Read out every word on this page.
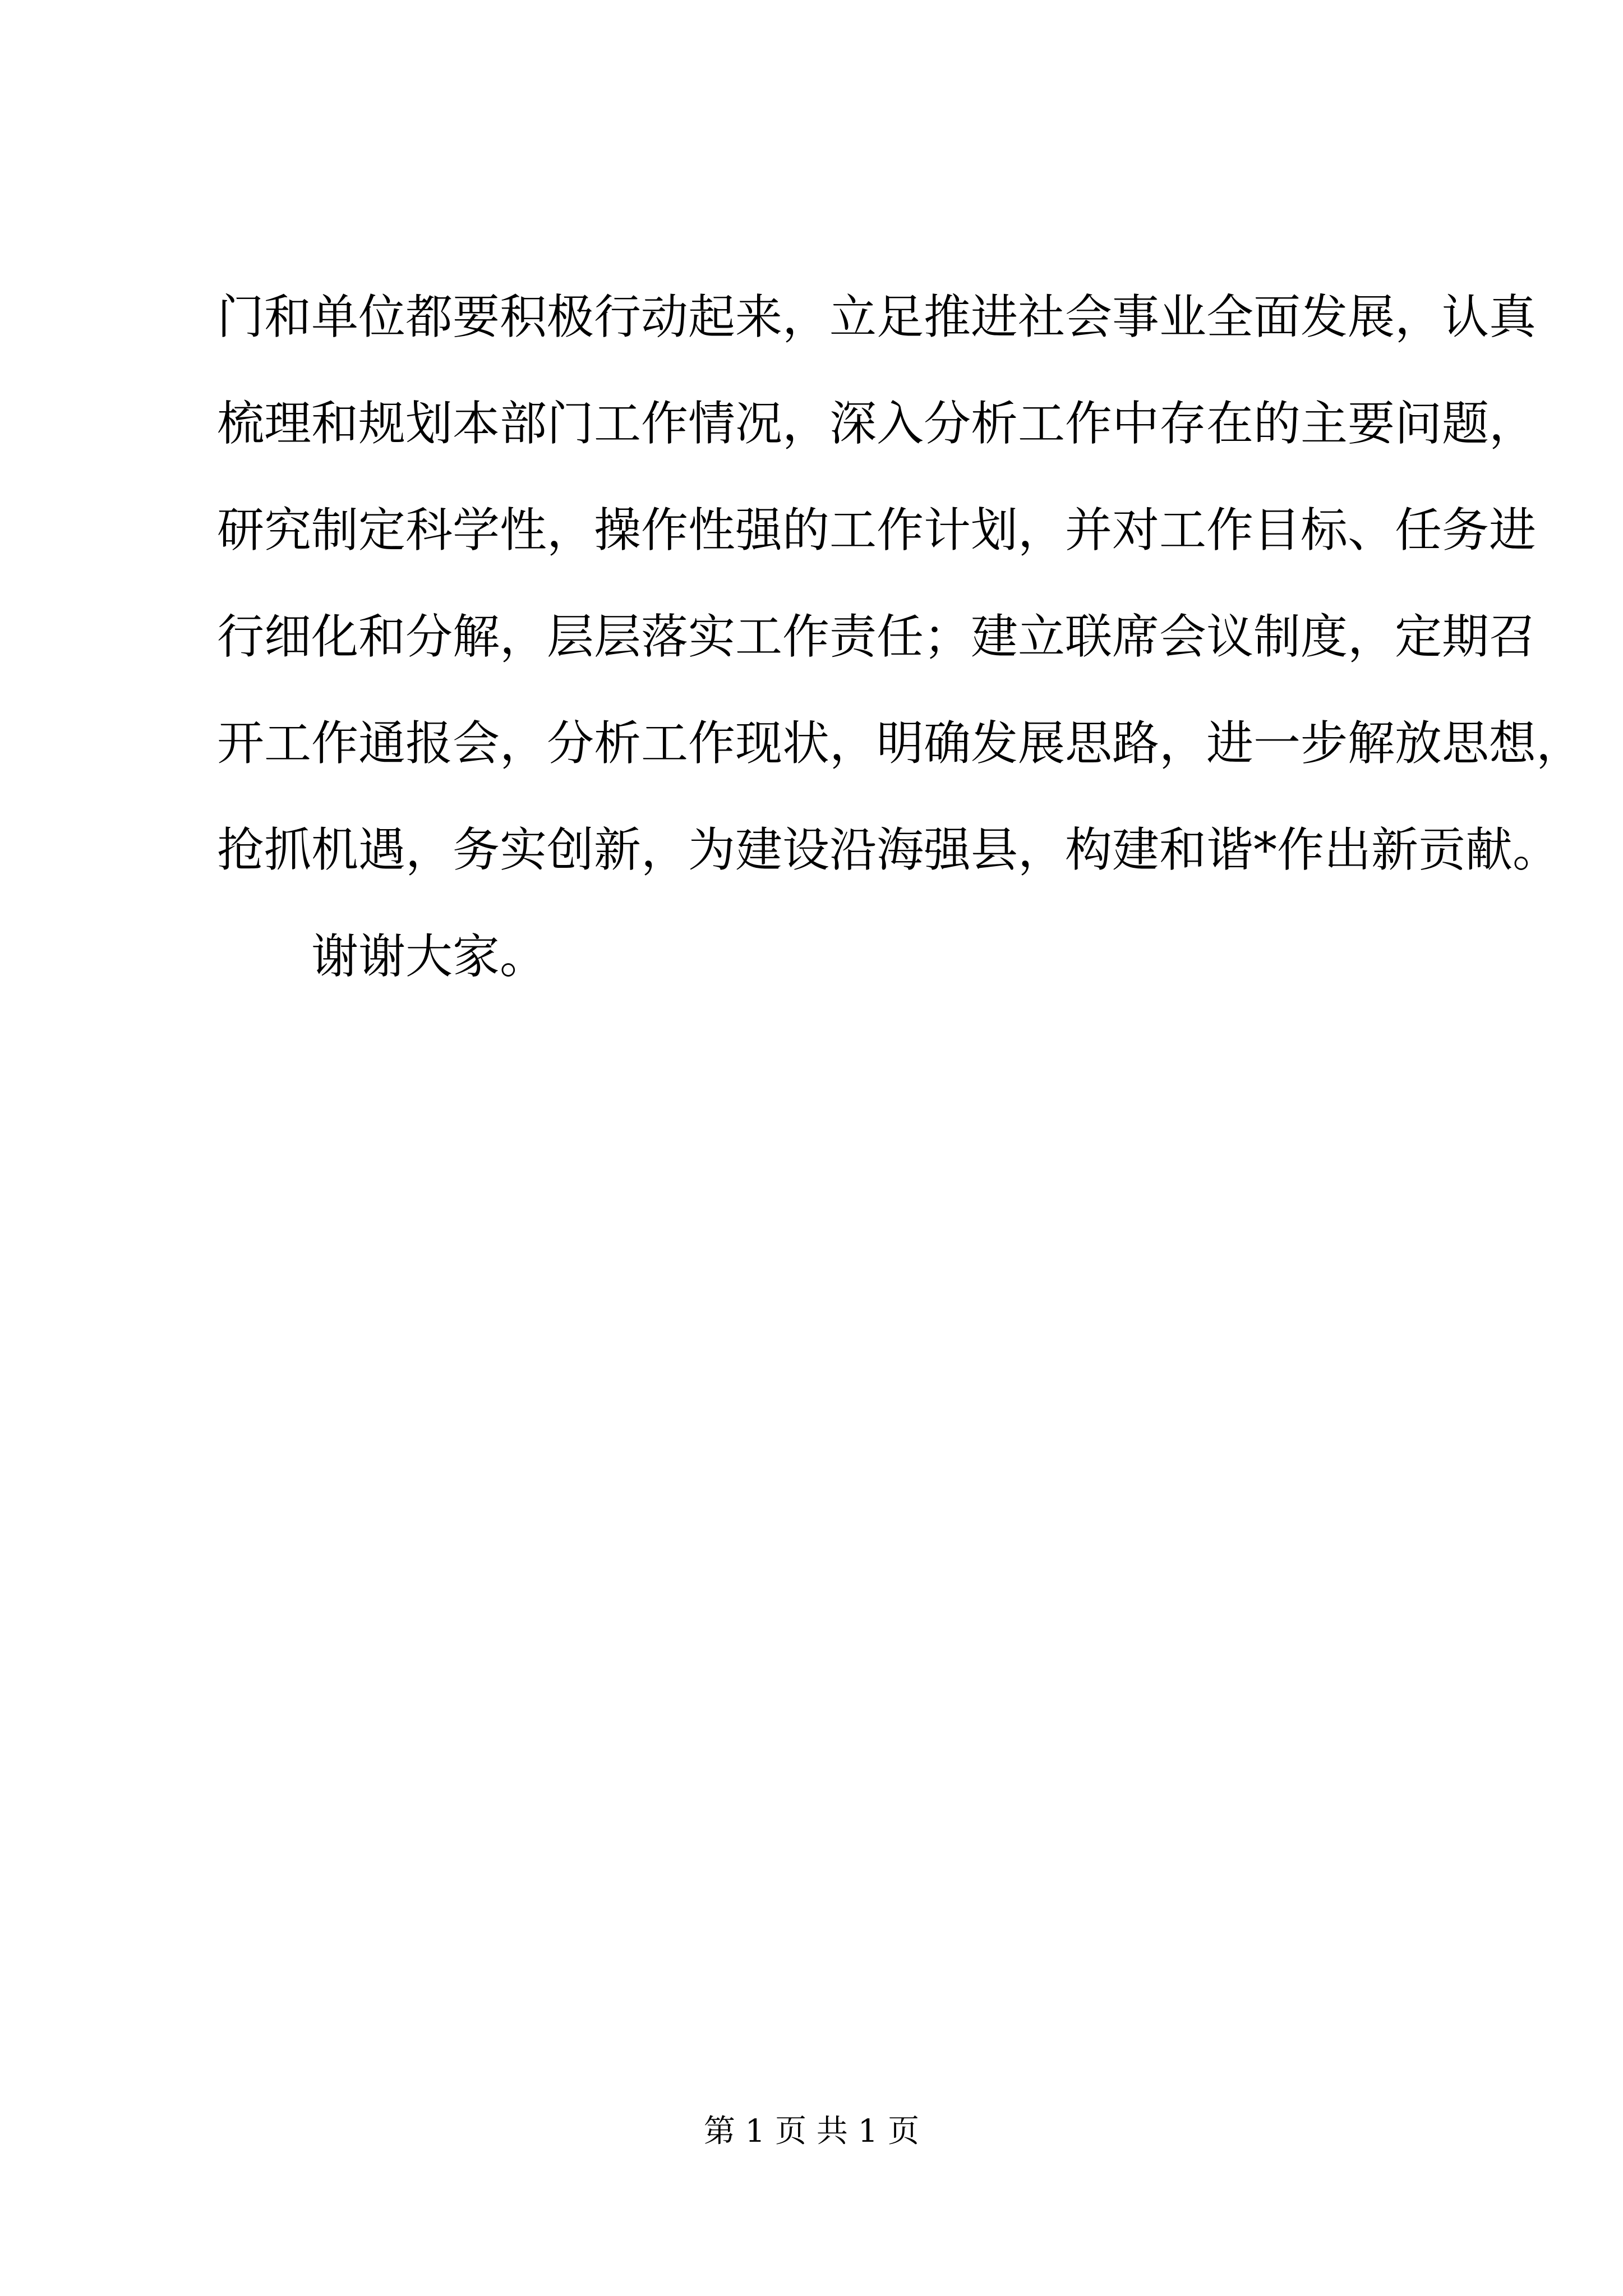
门和单位都要积极行动起来，立足推进社会事业全面发展，认真
梳理和规划本部门工作情况，深入分析工作中存在的主要问题，
研究制定科学性，操作性强的工作计划，并对工作目标、任务进
行细化和分解，层层落实工作责任；建立联席会议制度，定期召
开工作通报会，分析工作现状，明确发展思路，进一步解放思想，
抢抓机遇，务实创新，为建设沿海强县，构建和谐*作出新贡献。
谢谢大家。
第 1 页 共 1 页
